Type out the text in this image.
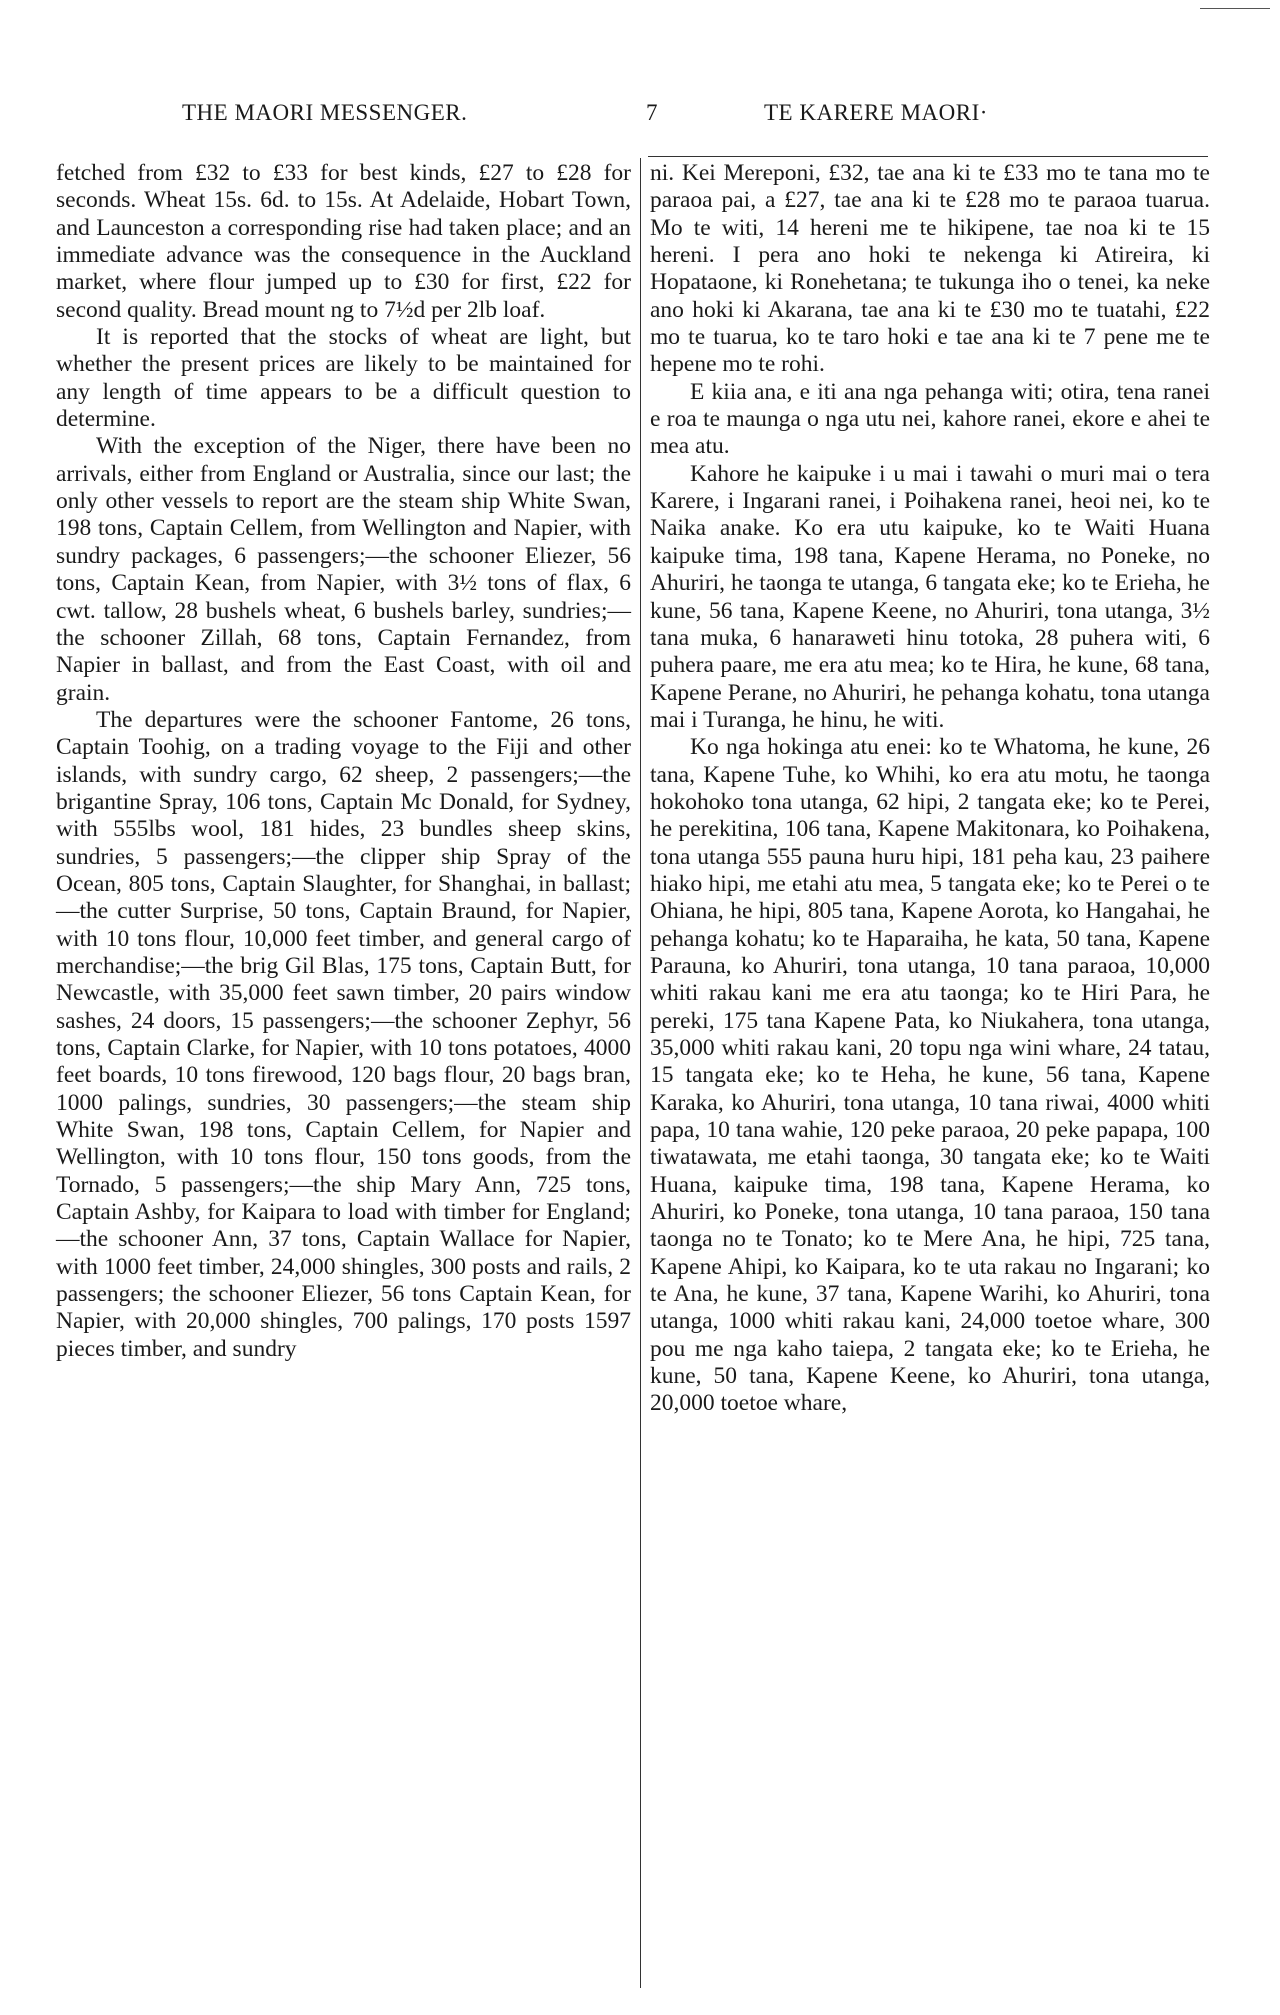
THE MAORI MESSENGER.	7	TE KARERE MAORI·

fetched from £32 to £33 for best kinds, £27 to £28 for seconds. Wheat 15s. 6d. to 15s. At Adelaide, Hobart Town, and Launceston a corresponding rise had taken place; and an immediate advance was the consequence in the Auckland market, where flour jumped up to £30 for first, £22 for second quality. Bread mount ng to 7½d per 2lb loaf.

It is reported that the stocks of wheat are light, but whether the present prices are likely to be maintained for any length of time appears to be a difficult question to determine.

With the exception of the Niger, there have been no arrivals, either from England or Australia, since our last; the only other vessels to report are the steam ship White Swan, 198 tons, Captain Cellem, from Wellington and Napier, with sundry packages, 6 passengers;—the schooner Eliezer, 56 tons, Captain Kean, from Napier, with 3½ tons of flax, 6 cwt. tallow, 28 bushels wheat, 6 bushels barley, sundries;—the schooner Zillah, 68 tons, Captain Fernandez, from Napier in ballast, and from the East Coast, with oil and grain.

The departures were the schooner Fantome, 26 tons, Captain Toohig, on a trading voyage to the Fiji and other islands, with sundry cargo, 62 sheep, 2 passengers;—the brigantine Spray, 106 tons, Captain Mc Donald, for Sydney, with 555lbs wool, 181 hides, 23 bundles sheep skins, sundries, 5 passengers;—the clipper ship Spray of the Ocean, 805 tons, Captain Slaughter, for Shanghai, in ballast;—the cutter Surprise, 50 tons, Captain Braund, for Napier, with 10 tons flour, 10,000 feet timber, and general cargo of merchandise;—the brig Gil Blas, 175 tons, Captain Butt, for Newcastle, with 35,000 feet sawn timber, 20 pairs window sashes, 24 doors, 15 passengers;—the schooner Zephyr, 56 tons, Captain Clarke, for Napier, with 10 tons potatoes, 4000 feet boards, 10 tons firewood, 120 bags flour, 20 bags bran, 1000 palings, sundries, 30 passengers;—the steam ship White Swan, 198 tons, Captain Cellem, for Napier and Wellington, with 10 tons flour, 150 tons goods, from the Tornado, 5 passengers;—the ship Mary Ann, 725 tons, Captain Ashby, for Kaipara to load with timber for England;—the schooner Ann, 37 tons, Captain Wallace for Napier, with 1000 feet timber, 24,000 shingles, 300 posts and rails, 2 passengers; the schooner Eliezer, 56 tons Captain Kean, for Napier, with 20,000 shingles, 700 palings, 170 posts 1597 pieces timber, and sundry

ni. Kei Mereponi, £32, tae ana ki te £33 mo te tana mo te paraoa pai, a £27, tae ana ki te £28 mo te paraoa tuarua. Mo te witi, 14 hereni me te hikipene, tae noa ki te 15 hereni. I pera ano hoki te nekenga ki Atireira, ki Hopataone, ki Ronehetana; te tukunga iho o tenei, ka neke ano hoki ki Akarana, tae ana ki te £30 mo te tuatahi, £22 mo te tuarua, ko te taro hoki e tae ana ki te 7 pene me te hepene mo te rohi.

E kiia ana, e iti ana nga pehanga witi; otira, tena ranei e roa te maunga o nga utu nei, kahore ranei, ekore e ahei te mea atu.

Kahore he kaipuke i u mai i tawahi o muri mai o tera Karere, i Ingarani ranei, i Poihakena ranei, heoi nei, ko te Naika anake. Ko era utu kaipuke, ko te Waiti Huana kaipuke tima, 198 tana, Kapene Herama, no Poneke, no Ahuriri, he taonga te utanga, 6 tangata eke; ko te Erieha, he kune, 56 tana, Kapene Keene, no Ahuriri, tona utanga, 3½ tana muka, 6 hanaraweti hinu totoka, 28 puhera witi, 6 puhera paare, me era atu mea; ko te Hira, he kune, 68 tana, Kapene Perane, no Ahuriri, he pehanga kohatu, tona utanga mai i Turanga, he hinu, he witi.

Ko nga hokinga atu enei: ko te Whatoma, he kune, 26 tana, Kapene Tuhe, ko Whihi, ko era atu motu, he taonga hokohoko tona utanga, 62 hipi, 2 tangata eke; ko te Perei, he perekitina, 106 tana, Kapene Makitonara, ko Poihakena, tona utanga 555 pauna huru hipi, 181 peha kau, 23 paihere hiako hipi, me etahi atu mea, 5 tangata eke; ko te Perei o te Ohiana, he hipi, 805 tana, Kapene Aorota, ko Hangahai, he pehanga kohatu; ko te Haparaiha, he kata, 50 tana, Kapene Parauna, ko Ahuriri, tona utanga, 10 tana paraoa, 10,000 whiti rakau kani me era atu taonga; ko te Hiri Para, he pereki, 175 tana Kapene Pata, ko Niukahera, tona utanga, 35,000 whiti rakau kani, 20 topu nga wini whare, 24 tatau, 15 tangata eke; ko te Heha, he kune, 56 tana, Kapene Karaka, ko Ahuriri, tona utanga, 10 tana riwai, 4000 whiti papa, 10 tana wahie, 120 peke paraoa, 20 peke papapa, 100 tiwatawata, me etahi taonga, 30 tangata eke; ko te Waiti Huana, kaipuke tima, 198 tana, Kapene Herama, ko Ahuriri, ko Poneke, tona utanga, 10 tana paraoa, 150 tana taonga no te Tonato; ko te Mere Ana, he hipi, 725 tana, Kapene Ahipi, ko Kaipara, ko te uta rakau no Ingarani; ko te Ana, he kune, 37 tana, Kapene Warihi, ko Ahuriri, tona utanga, 1000 whiti rakau kani, 24,000 toetoe whare, 300 pou me nga kaho taiepa, 2 tangata eke; ko te Erieha, he kune, 50 tana, Kapene Keene, ko Ahuriri, tona utanga, 20,000 toetoe whare,
